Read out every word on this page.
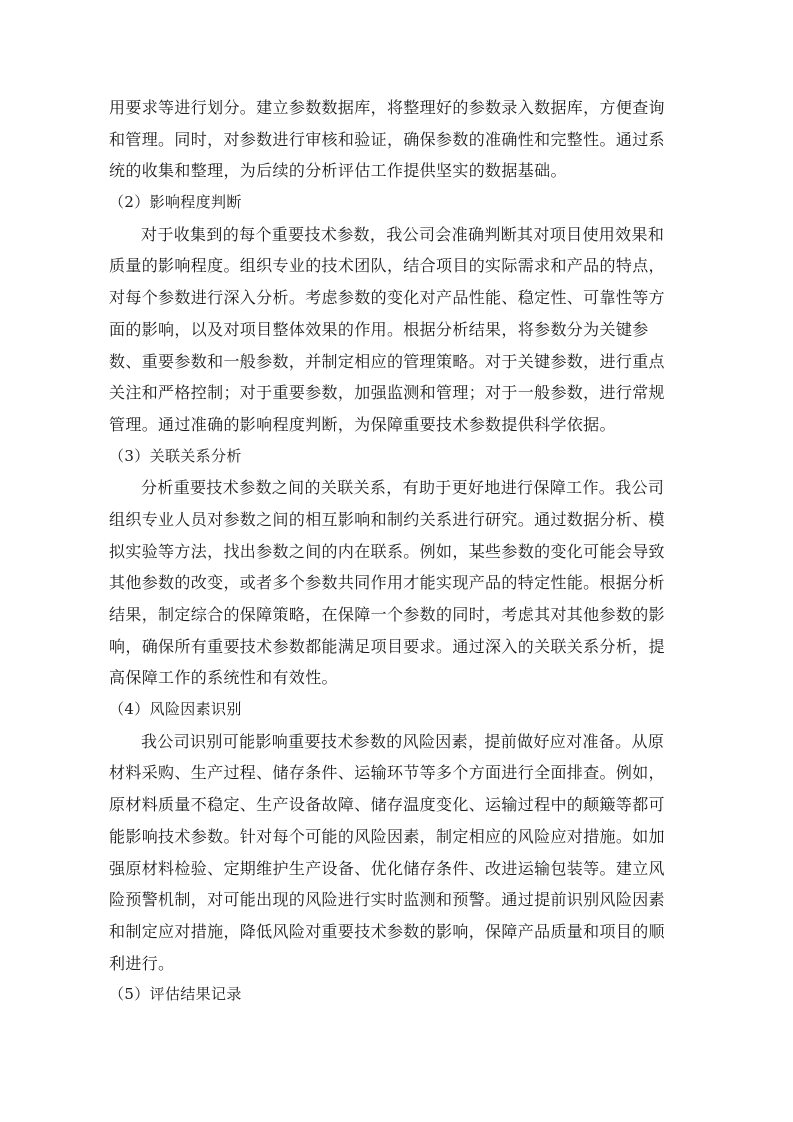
用要求等进行划分。建立参数数据库，将整理好的参数录入数据库，方便查询
和管理。同时，对参数进行审核和验证，确保参数的准确性和完整性。通过系
统的收集和整理，为后续的分析评估工作提供坚实的数据基础。
（2）影响程度判断
对于收集到的每个重要技术参数，我公司会准确判断其对项目使用效果和
质量的影响程度。组织专业的技术团队，结合项目的实际需求和产品的特点，
对每个参数进行深入分析。考虑参数的变化对产品性能、稳定性、可靠性等方
面的影响，以及对项目整体效果的作用。根据分析结果，将参数分为关键参
数、重要参数和一般参数，并制定相应的管理策略。对于关键参数，进行重点
关注和严格控制；对于重要参数，加强监测和管理；对于一般参数，进行常规
管理。通过准确的影响程度判断，为保障重要技术参数提供科学依据。
（3）关联关系分析
分析重要技术参数之间的关联关系，有助于更好地进行保障工作。我公司
组织专业人员对参数之间的相互影响和制约关系进行研究。通过数据分析、模
拟实验等方法，找出参数之间的内在联系。例如，某些参数的变化可能会导致
其他参数的改变，或者多个参数共同作用才能实现产品的特定性能。根据分析
结果，制定综合的保障策略，在保障一个参数的同时，考虑其对其他参数的影
响，确保所有重要技术参数都能满足项目要求。通过深入的关联关系分析，提
高保障工作的系统性和有效性。
（4）风险因素识别
我公司识别可能影响重要技术参数的风险因素，提前做好应对准备。从原
材料采购、生产过程、储存条件、运输环节等多个方面进行全面排查。例如，
原材料质量不稳定、生产设备故障、储存温度变化、运输过程中的颠簸等都可
能影响技术参数。针对每个可能的风险因素，制定相应的风险应对措施。如加
强原材料检验、定期维护生产设备、优化储存条件、改进运输包装等。建立风
险预警机制，对可能出现的风险进行实时监测和预警。通过提前识别风险因素
和制定应对措施，降低风险对重要技术参数的影响，保障产品质量和项目的顺
利进行。
（5）评估结果记录
